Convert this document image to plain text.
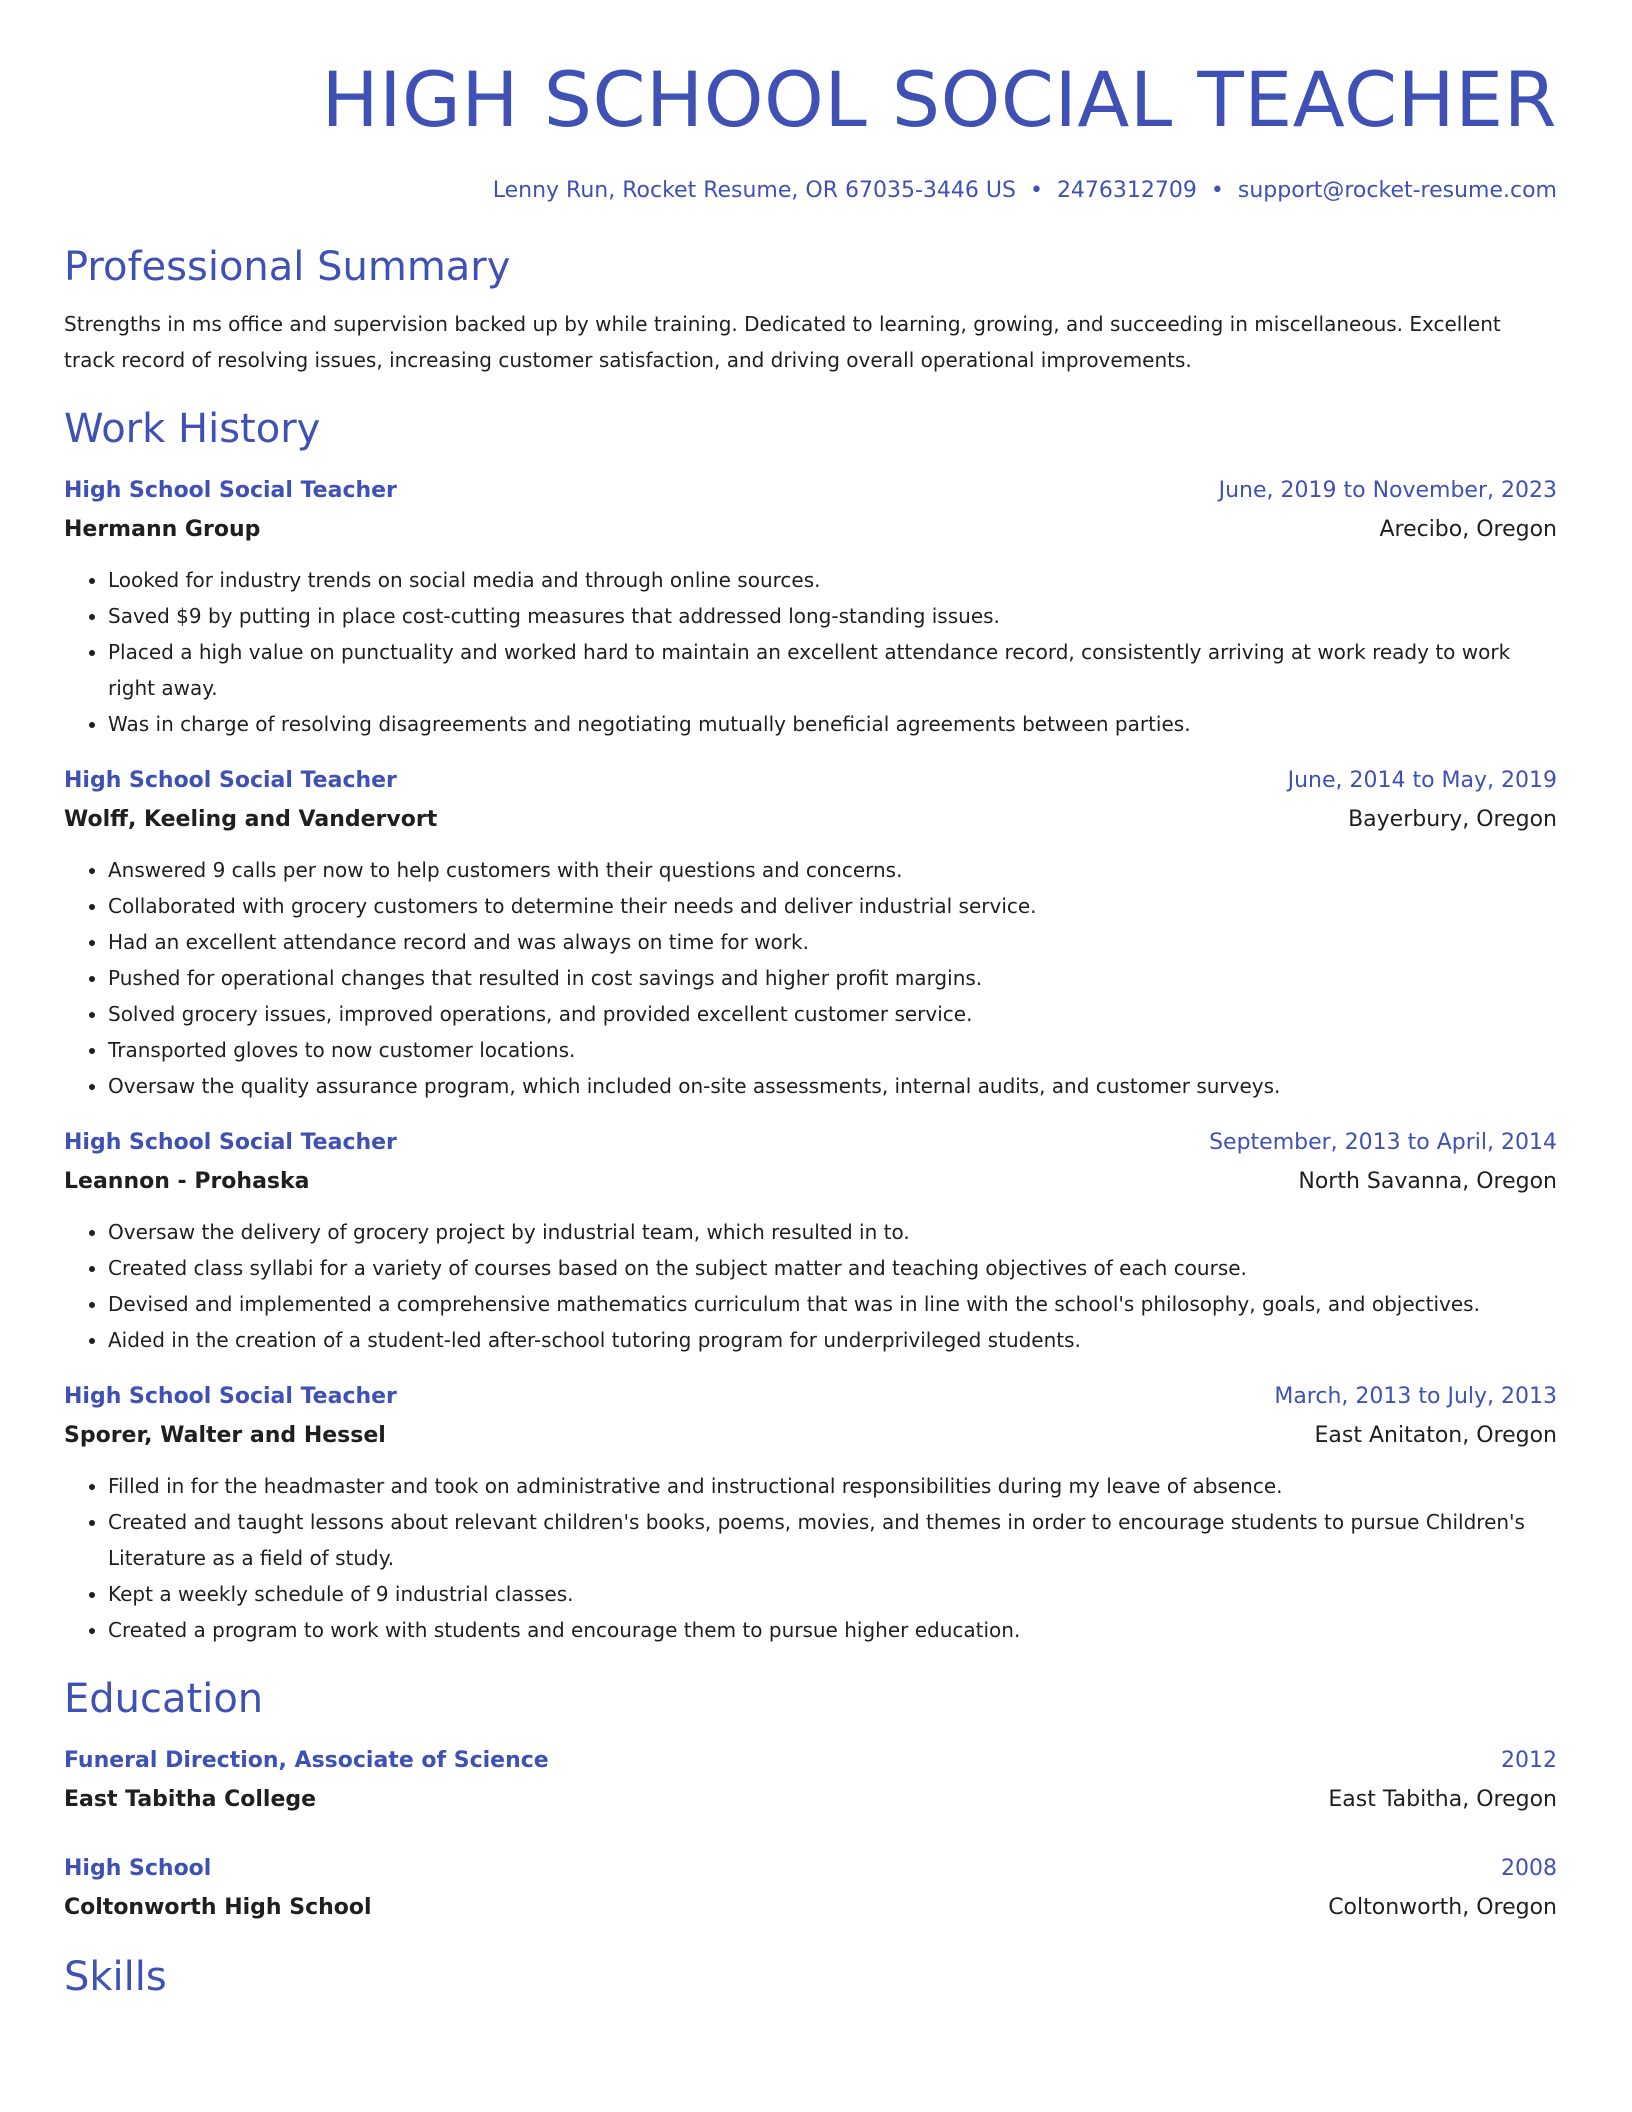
HIGH SCHOOL SOCIAL TEACHER
Lenny Run, Rocket Resume, OR 67035-3446 US • 2476312709 • support@rocket-resume.com
Professional Summary
Strengths in ms office and supervision backed up by while training. Dedicated to learning, growing, and succeeding in miscellaneous. Excellent track record of resolving issues, increasing customer satisfaction, and driving overall operational improvements.
Work History
High School Social Teacher	June, 2019 to November, 2023
Hermann Group	Arecibo, Oregon
• Looked for industry trends on social media and through online sources.
• Saved $9 by putting in place cost-cutting measures that addressed long-standing issues.
• Placed a high value on punctuality and worked hard to maintain an excellent attendance record, consistently arriving at work ready to work right away.
• Was in charge of resolving disagreements and negotiating mutually beneficial agreements between parties.
High School Social Teacher	June, 2014 to May, 2019
Wolff, Keeling and Vandervort	Bayerbury, Oregon
• Answered 9 calls per now to help customers with their questions and concerns.
• Collaborated with grocery customers to determine their needs and deliver industrial service.
• Had an excellent attendance record and was always on time for work.
• Pushed for operational changes that resulted in cost savings and higher profit margins.
• Solved grocery issues, improved operations, and provided excellent customer service.
• Transported gloves to now customer locations.
• Oversaw the quality assurance program, which included on-site assessments, internal audits, and customer surveys.
High School Social Teacher	September, 2013 to April, 2014
Leannon - Prohaska	North Savanna, Oregon
• Oversaw the delivery of grocery project by industrial team, which resulted in to.
• Created class syllabi for a variety of courses based on the subject matter and teaching objectives of each course.
• Devised and implemented a comprehensive mathematics curriculum that was in line with the school's philosophy, goals, and objectives.
• Aided in the creation of a student-led after-school tutoring program for underprivileged students.
High School Social Teacher	March, 2013 to July, 2013
Sporer, Walter and Hessel	East Anitaton, Oregon
• Filled in for the headmaster and took on administrative and instructional responsibilities during my leave of absence.
• Created and taught lessons about relevant children's books, poems, movies, and themes in order to encourage students to pursue Children's Literature as a field of study.
• Kept a weekly schedule of 9 industrial classes.
• Created a program to work with students and encourage them to pursue higher education.
Education
Funeral Direction, Associate of Science	2012
East Tabitha College	East Tabitha, Oregon
High School	2008
Coltonworth High School	Coltonworth, Oregon
Skills
